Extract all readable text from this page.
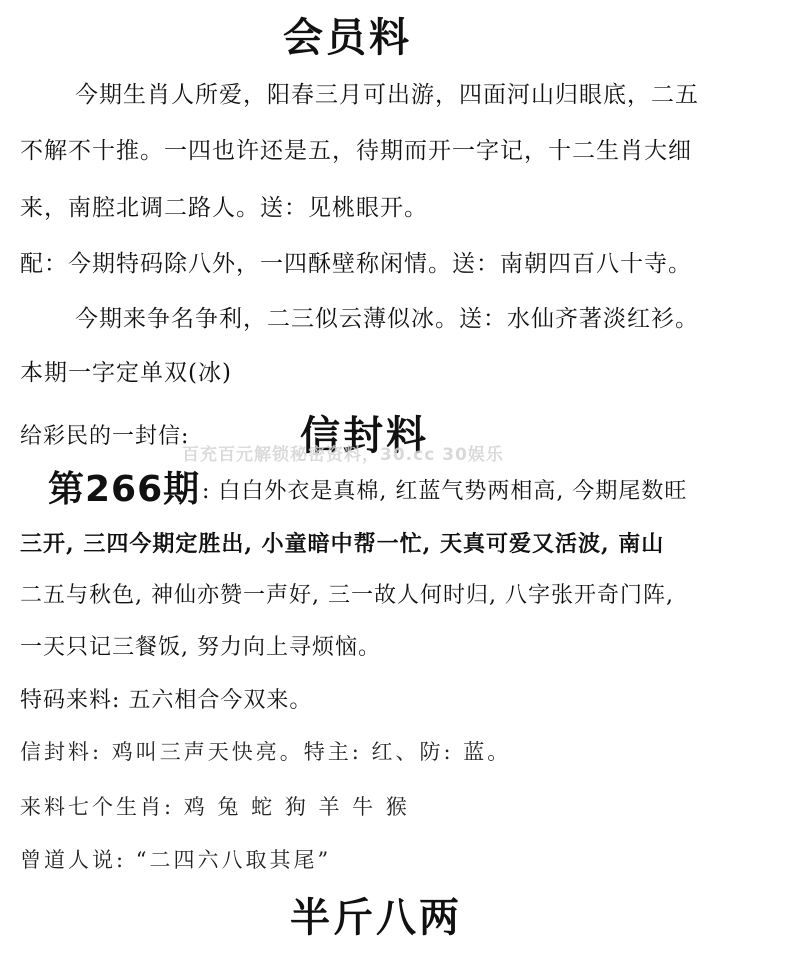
会员料
今期生肖人所爱，阳春三月可出游，四面河山归眼底，二五
不解不十推。一四也许还是五，待期而开一字记，十二生肖大细
来，南腔北调二路人。送：见桃眼开。
配：今期特码除八外，一四酥壁称闲情。送：南朝四百八十寺。
今期来争名争利，二三似云薄似冰。送：水仙齐著淡红衫。
本期一字定单双(冰)
给彩民的一封信:	信封料
百充百元解锁秘密资料，30.cc 30娱乐
第266期 : 白白外衣是真棉, 红蓝气势两相高, 今期尾数旺
三开, 三四今期定胜出, 小童暗中帮一忙, 天真可爱又活波, 南山
二五与秋色, 神仙亦赞一声好, 三一故人何时归, 八字张开奇门阵,
一天只记三餐饭, 努力向上寻烦恼。
特码来料: 五六相合今双来。
信封料: 鸡叫三声天快亮。特主: 红、防: 蓝。
来料七个生肖: 鸡 兔 蛇 狗 羊 牛 猴
曾道人说: “二四六八取其尾”
半斤八两
